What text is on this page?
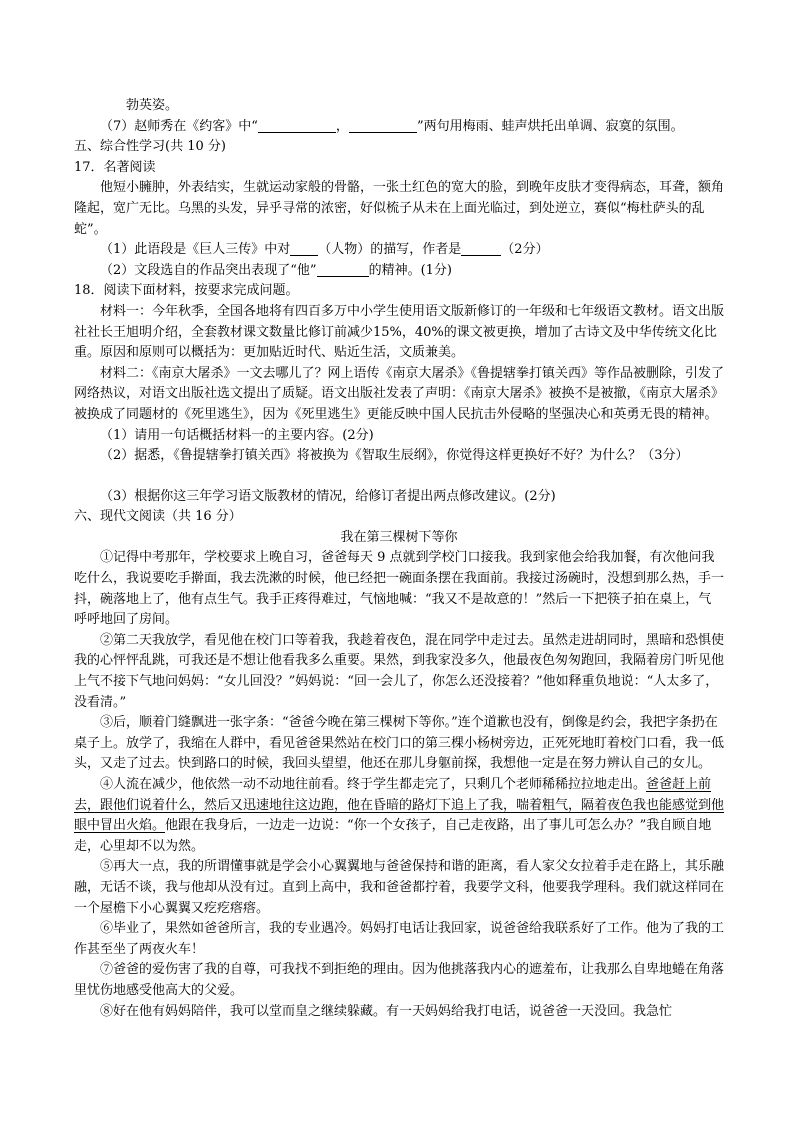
勃英姿。
（7）赵师秀在《约客》中“	，	”两句用梅雨、蛙声烘托出单调、寂寞的氛围。
五、综合性学习(共 10 分)
17．名著阅读
他短小臃肿，外表结实，生就运动家般的骨骼，一张土红色的宽大的脸，到晚年皮肤才变得病态，耳聋，额角隆起，宽广无比。乌黑的头发，异乎寻常的浓密，好似梳子从未在上面光临过，到处逆立，赛似“梅杜萨头的乱蛇”。
（1）此语段是《巨人三传》中对 （人物）的描写，作者是	（2分）
（2）文段选自的作品突出表现了“他”	的精神。(1分)
18．阅读下面材料，按要求完成问题。
材料一：今年秋季，全国各地将有四百多万中小学生使用语文版新修订的一年级和七年级语文教材。语文出版社社长王旭明介绍，全套教材课文数量比修订前减少15%，40%的课文被更换，增加了古诗文及中华传统文化比重。原因和原则可以概括为：更加贴近时代、贴近生活，文质兼美。
材料二：《南京大屠杀》一文去哪儿了？网上语传《南京大屠杀》《鲁提辖拳打镇关西》等作品被删除，引发了网络热议，对语文出版社选文提出了质疑。语文出版社发表了声明：《南京大屠杀》被换不是被撤，《南京大屠杀》被换成了同题材的《死里逃生》，因为《死里逃生》更能反映中国人民抗击外侵略的坚强决心和英勇无畏的精神。
（1）请用一句话概括材料一的主要内容。(2分)
（2）据悉，《鲁提辖拳打镇关西》将被换为《智取生辰纲》，你觉得这样更换好不好？为什么？（3分）
（3）根据你这三年学习语文版教材的情况，给修订者提出两点修改建议。(2分)
六、现代文阅读（共 16 分）
我在第三棵树下等你
①记得中考那年，学校要求上晚自习，爸爸每天 9 点就到学校门口接我。我到家他会给我加餐，有次他问我吃什么，我说要吃手擀面，我去洗漱的时候，他已经把一碗面条摆在我面前。我接过汤碗时，没想到那么热，手一抖，碗落地上了，他有点生气。我手正疼得难过，气恼地喊：“我又不是故意的！”然后一下把筷子拍在桌上，气呼呼地回了房间。
②第二天我放学，看见他在校门口等着我，我趁着夜色，混在同学中走过去。虽然走进胡同时，黑暗和恐惧使我的心怦怦乱跳，可我还是不想让他看我多么重要。果然，到我家没多久，他最夜色匆匆跑回，我隔着房门听见他上气不接下气地问妈妈：“女儿回没？”妈妈说：“回一会儿了，你怎么还没接着？”他如释重负地说：“人太多了，没看清。”
③后，顺着门缝飘进一张字条：“爸爸今晚在第三棵树下等你。”连个道歉也没有，倒像是约会，我把字条扔在桌子上。放学了，我缩在人群中，看见爸爸果然站在校门口的第三棵小杨树旁边，正死死地盯着校门口看，我一低头，又走了过去。快到路口的时候，我回头望望，他还在那儿身躯前探，我想他一定是在努力辨认自己的女儿。
④人流在减少，他依然一动不动地往前看。终于学生都走完了，只剩几个老师稀稀拉拉地走出。爸爸赶上前去，跟他们说着什么，然后又迅速地往这边跑，他在昏暗的路灯下追上了我，喘着粗气，隔着夜色我也能感觉到他眼中冒出火焰。他跟在我身后，一边走一边说：“你一个女孩子，自己走夜路，出了事儿可怎么办？”我自顾自地走，心里却不以为然。
⑤再大一点，我的所谓懂事就是学会小心翼翼地与爸爸保持和谐的距离，看人家父女拉着手走在路上，其乐融融，无话不谈，我与他却从没有过。直到上高中，我和爸爸都拧着，我要学文科，他要我学理科。我们就这样同在一个屋檐下小心翼翼又疙疙瘩瘩。
⑥毕业了，果然如爸爸所言，我的专业遇冷。妈妈打电话让我回家，说爸爸给我联系好了工作。他为了我的工作甚至坐了两夜火车！
⑦爸爸的爱伤害了我的自尊，可我找不到拒绝的理由。因为他挑落我内心的遮羞布，让我那么自卑地蜷在角落里忧伤地感受他高大的父爱。
⑧好在他有妈妈陪伴，我可以堂而皇之继续躲藏。有一天妈妈给我打电话，说爸爸一天没回。我急忙
